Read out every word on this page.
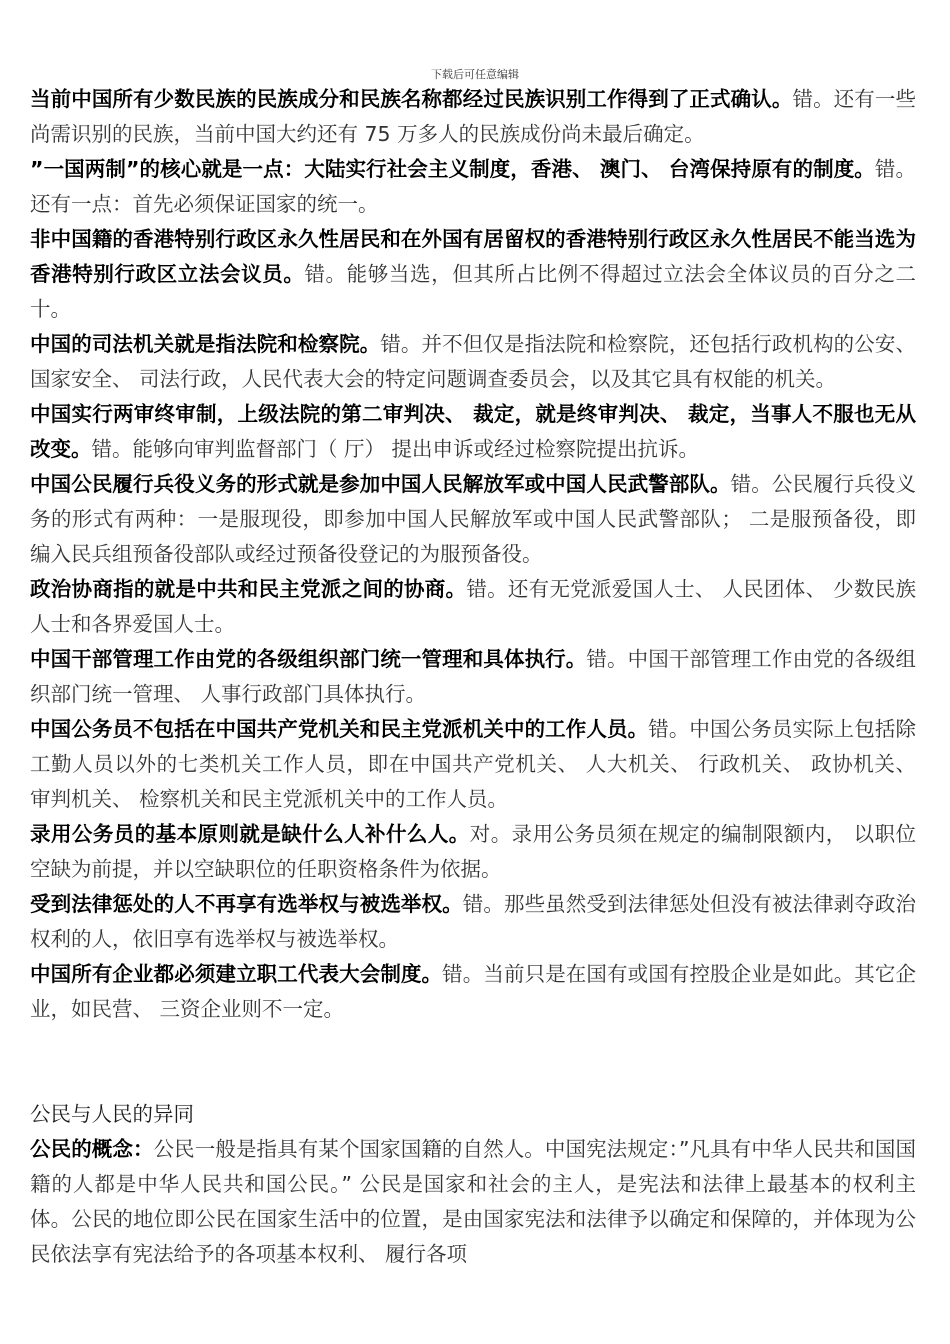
下载后可任意编辑

当前中国所有少数民族的民族成分和民族名称都经过民族识别工作得到了正式确认。错。还有一些尚需识别的民族，当前中国大约还有 75 万多人的民族成份尚未最后确定。

”一国两制”的核心就是一点：大陆实行社会主义制度，香港、 澳门、 台湾保持原有的制度。错。还有一点：首先必须保证国家的统一。

非中国籍的香港特别行政区永久性居民和在外国有居留权的香港特别行政区永久性居民不能当选为香港特别行政区立法会议员。错。能够当选，但其所占比例不得超过立法会全体议员的百分之二十。

中国的司法机关就是指法院和检察院。错。并不但仅是指法院和检察院，还包括行政机构的公安、 国家安全、 司法行政，人民代表大会的特定问题调查委员会，以及其它具有权能的机关。

中国实行两审终审制，上级法院的第二审判决、 裁定，就是终审判决、 裁定，当事人不服也无从改变。错。能够向审判监督部门（ 厅） 提出申诉或经过检察院提出抗诉。

中国公民履行兵役义务的形式就是参加中国人民解放军或中国人民武警部队。错。公民履行兵役义务的形式有两种：一是服现役，即参加中国人民解放军或中国人民武警部队； 二是服预备役，即编入民兵组预备役部队或经过预备役登记的为服预备役。

政治协商指的就是中共和民主党派之间的协商。错。还有无党派爱国人士、 人民团体、 少数民族人士和各界爱国人士。

中国干部管理工作由党的各级组织部门统一管理和具体执行。错。中国干部管理工作由党的各级组织部门统一管理、 人事行政部门具体执行。

中国公务员不包括在中国共产党机关和民主党派机关中的工作人员。错。中国公务员实际上包括除工勤人员以外的七类机关工作人员，即在中国共产党机关、 人大机关、 行政机关、 政协机关、 审判机关、 检察机关和民主党派机关中的工作人员。

录用公务员的基本原则就是缺什么人补什么人。对。录用公务员须在规定的编制限额内， 以职位空缺为前提，并以空缺职位的任职资格条件为依据。

受到法律惩处的人不再享有选举权与被选举权。错。那些虽然受到法律惩处但没有被法律剥夺政治权利的人，依旧享有选举权与被选举权。

中国所有企业都必须建立职工代表大会制度。错。当前只是在国有或国有控股企业是如此。其它企业，如民营、 三资企业则不一定。

公民与人民的异同

公民的概念：公民一般是指具有某个国家国籍的自然人。中国宪法规定：”凡具有中华人民共和国国籍的人都是中华人民共和国公民。” 公民是国家和社会的主人，是宪法和法律上最基本的权利主体。公民的地位即公民在国家生活中的位置，是由国家宪法和法律予以确定和保障的，并体现为公民依法享有宪法给予的各项基本权利、 履行各项
